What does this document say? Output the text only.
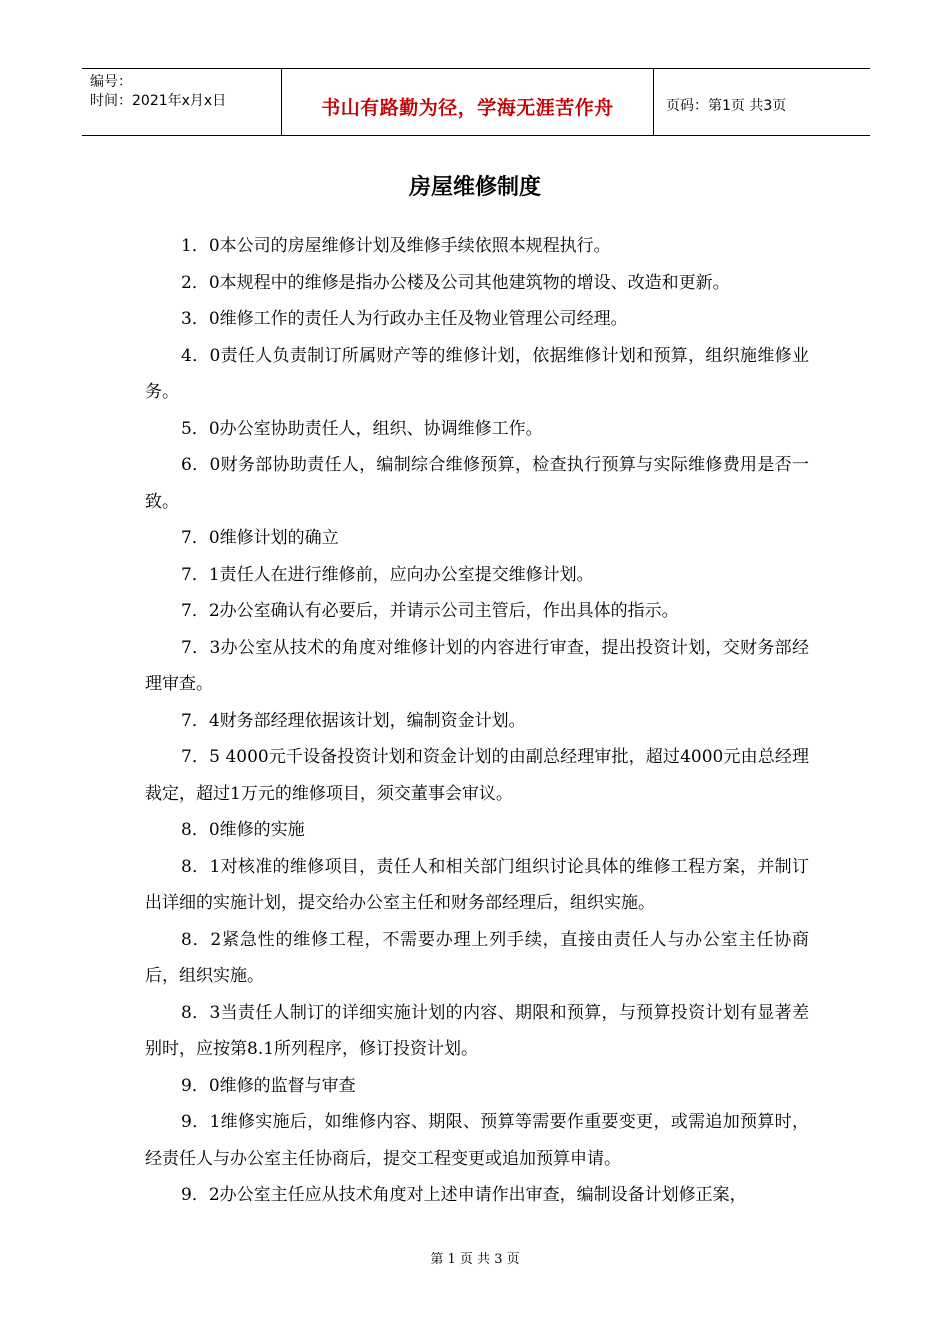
编号：
时间：2021年x月x日	书山有路勤为径，学海无涯苦作舟	页码：第1页 共3页
房屋维修制度

1．0本公司的房屋维修计划及维修手续依照本规程执行。

2．0本规程中的维修是指办公楼及公司其他建筑物的增设、改造和更新。

3．0维修工作的责任人为行政办主任及物业管理公司经理。

4．0责任人负责制订所属财产等的维修计划，依据维修计划和预算，组织施维修业务。

5．0办公室协助责任人，组织、协调维修工作。

6．0财务部协助责任人，编制综合维修预算，检查执行预算与实际维修费用是否一致。

7．0维修计划的确立

7．1责任人在进行维修前，应向办公室提交维修计划。

7．2办公室确认有必要后，并请示公司主管后，作出具体的指示。

7．3办公室从技术的角度对维修计划的内容进行审查，提出投资计划，交财务部经理审查。

7．4财务部经理依据该计划，编制资金计划。

7．5 4000元千设备投资计划和资金计划的由副总经理审批，超过4000元由总经理裁定，超过1万元的维修项目，须交董事会审议。

8．0维修的实施

8．1对核准的维修项目，责任人和相关部门组织讨论具体的维修工程方案，并制订出详细的实施计划，提交给办公室主任和财务部经理后，组织实施。

8．2紧急性的维修工程，不需要办理上列手续，直接由责任人与办公室主任协商后，组织实施。

8．3当责任人制订的详细实施计划的内容、期限和预算，与预算投资计划有显著差别时，应按第8.1所列程序，修订投资计划。

9．0维修的监督与审查

9．1维修实施后，如维修内容、期限、预算等需要作重要变更，或需追加预算时，经责任人与办公室主任协商后，提交工程变更或追加预算申请。

9．2办公室主任应从技术角度对上述申请作出审查，编制设备计划修正案，

第 1 页 共 3 页
